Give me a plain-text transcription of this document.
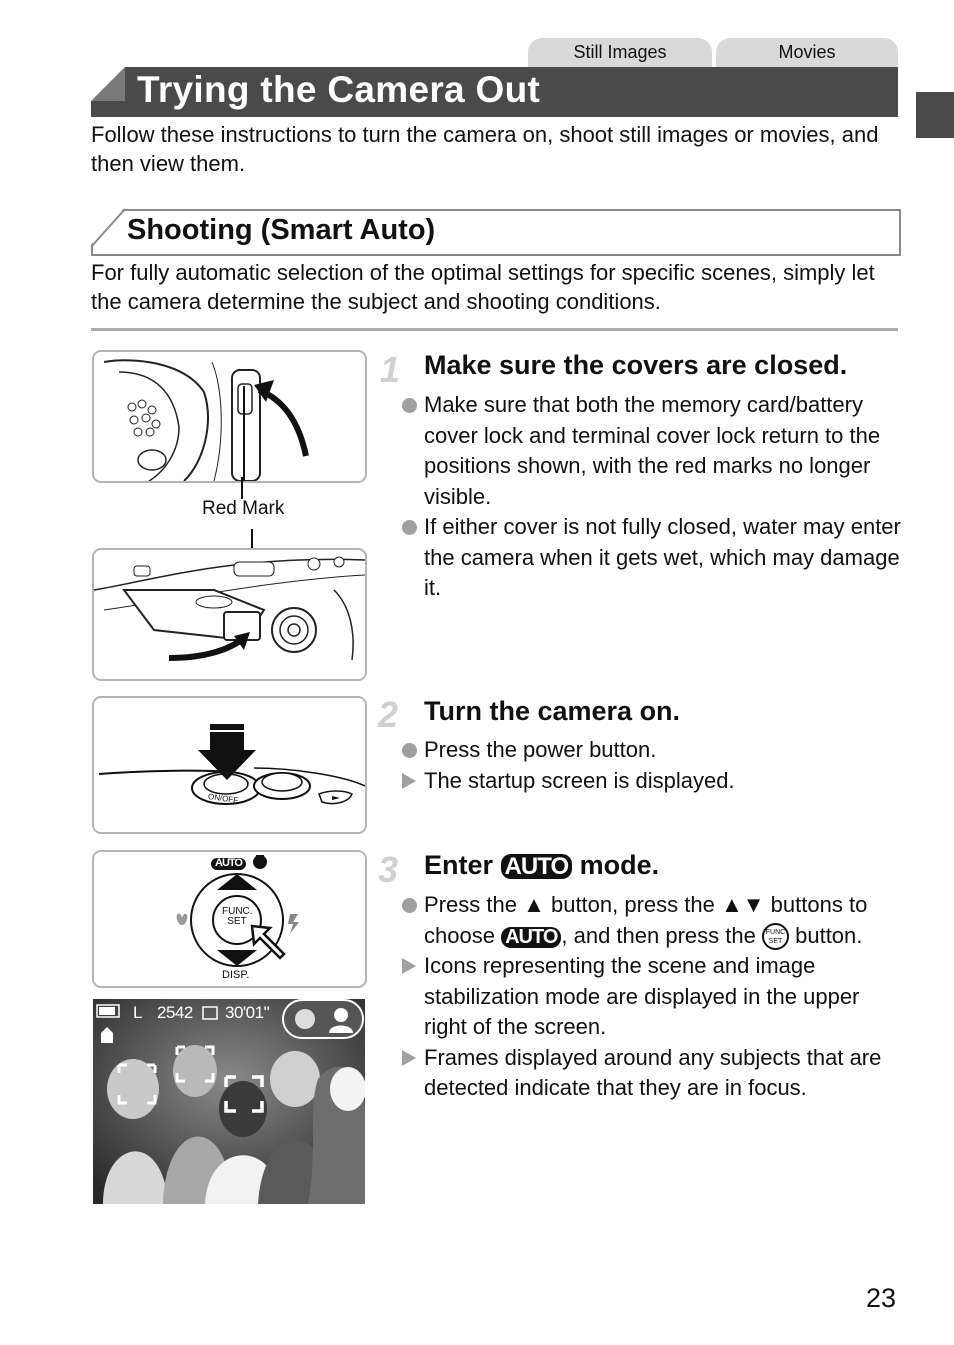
Still Images	Movies
Trying the Camera Out
Follow these instructions to turn the camera on, shoot still images or movies, and then view them.
Shooting (Smart Auto)
For fully automatic selection of the optimal settings for specific scenes, simply let the camera determine the subject and shooting conditions.
Red Mark
ON/OFF
AUTO
FUNC.
SET
DISP.
L 2542 30'01"
1 Make sure the covers are closed.
Make sure that both the memory card/battery cover lock and terminal cover lock return to the positions shown, with the red marks no longer visible.
If either cover is not fully closed, water may enter the camera when it gets wet, which may damage it.
2 Turn the camera on.
Press the power button.
The startup screen is displayed.
3 Enter AUTO mode.
Press the ▲ button, press the ▲▼ buttons to choose AUTO , and then press the FUNC
SET button.
Icons representing the scene and image stabilization mode are displayed in the upper right of the screen.
Frames displayed around any subjects that are detected indicate that they are in focus.
23
